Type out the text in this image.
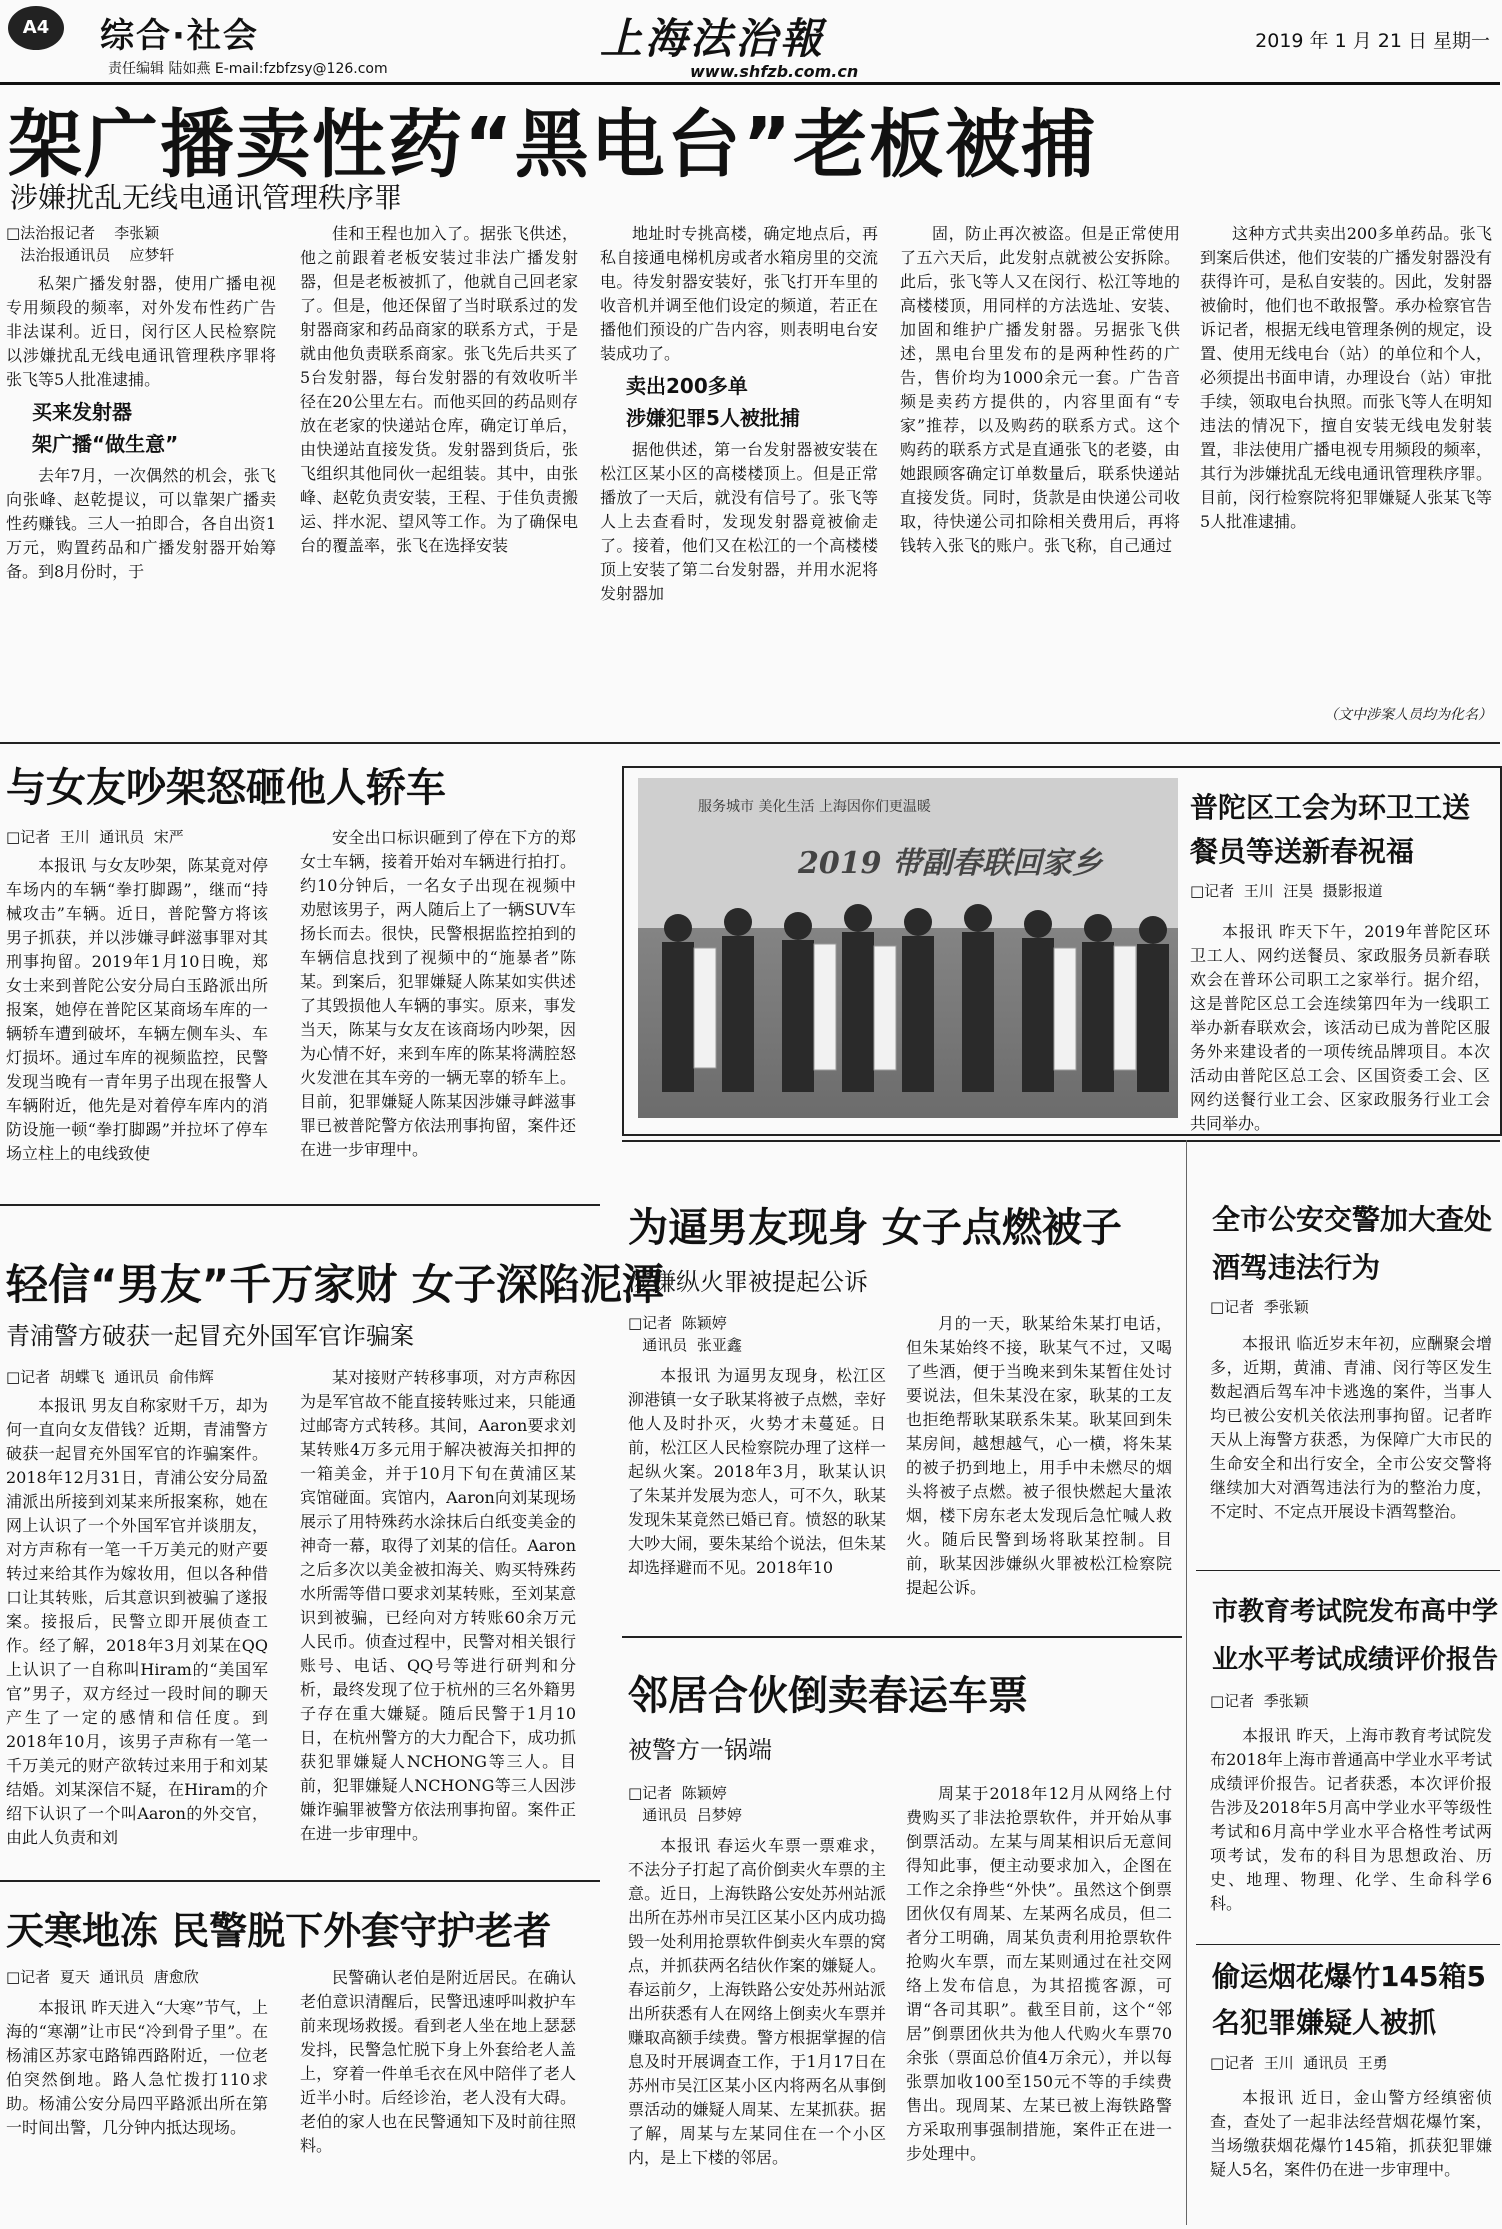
A4	综合·社会
责任编辑 陆如燕 E-mail:fzbfzsy@126.com
上海法治報
www.shfzb.com.cn
2019 年 1 月 21 日 星期一
架广播卖性药“黑电台”老板被捕
涉嫌扰乱无线电通讯管理秩序罪
□法治报记者    李张颖
法治报通讯员    应梦轩

私架广播发射器，使用广播电视专用频段的频率，对外发布性药广告非法谋利。近日，闵行区人民检察院以涉嫌扰乱无线电通讯管理秩序罪将张飞等5人批准逮捕。

买来发射器
架广播“做生意”

去年7月，一次偶然的机会，张飞向张峰、赵乾提议，可以靠架广播卖性药赚钱。三人一拍即合，各自出资1万元，购置药品和广播发射器开始筹备。到8月份时，于

佳和王程也加入了。据张飞供述，他之前跟着老板安装过非法广播发射器，但是老板被抓了，他就自己回老家了。但是，他还保留了当时联系过的发射器商家和药品商家的联系方式，于是就由他负责联系商家。张飞先后共买了5台发射器，每台发射器的有效收听半径在20公里左右。而他买回的药品则存放在老家的快递站仓库，确定订单后，由快递站直接发货。发射器到货后，张飞组织其他同伙一起组装。其中，由张峰、赵乾负责安装，王程、于佳负责搬运、拌水泥、望风等工作。为了确保电台的覆盖率，张飞在选择安装

地址时专挑高楼，确定地点后，再私自接通电梯机房或者水箱房里的交流电。待发射器安装好，张飞打开车里的收音机并调至他们设定的频道，若正在播他们预设的广告内容，则表明电台安装成功了。

卖出200多单
涉嫌犯罪5人被批捕

据他供述，第一台发射器被安装在松江区某小区的高楼楼顶上。但是正常播放了一天后，就没有信号了。张飞等人上去查看时，发现发射器竟被偷走了。接着，他们又在松江的一个高楼楼顶上安装了第二台发射器，并用水泥将发射器加

固，防止再次被盗。但是正常使用了五六天后，此发射点就被公安拆除。此后，张飞等人又在闵行、松江等地的高楼楼顶，用同样的方法选址、安装、加固和维护广播发射器。另据张飞供述，黑电台里发布的是两种性药的广告，售价均为1000余元一套。广告音频是卖药方提供的，内容里面有“专家”推荐，以及购药的联系方式。这个购药的联系方式是直通张飞的老婆，由她跟顾客确定订单数量后，联系快递站直接发货。同时，货款是由快递公司收取，待快递公司扣除相关费用后，再将钱转入张飞的账户。张飞称，自己通过

这种方式共卖出200多单药品。张飞到案后供述，他们安装的广播发射器没有获得许可，是私自安装的。因此，发射器被偷时，他们也不敢报警。承办检察官告诉记者，根据无线电管理条例的规定，设置、使用无线电台（站）的单位和个人，必须提出书面申请，办理设台（站）审批手续，领取电台执照。而张飞等人在明知违法的情况下，擅自安装无线电发射装置，非法使用广播电视专用频段的频率，其行为涉嫌扰乱无线电通讯管理秩序罪。目前，闵行检察院将犯罪嫌疑人张某飞等5人批准逮捕。

（文中涉案人员均为化名）
与女友吵架怒砸他人轿车
□记者  王川  通讯员  宋严

本报讯 与女友吵架，陈某竟对停车场内的车辆“拳打脚踢”，继而“持械攻击”车辆。近日，普陀警方将该男子抓获，并以涉嫌寻衅滋事罪对其刑事拘留。2019年1月10日晚，郑女士来到普陀公安分局白玉路派出所报案，她停在普陀区某商场车库的一辆轿车遭到破坏，车辆左侧车头、车灯损坏。通过车库的视频监控，民警发现当晚有一青年男子出现在报警人车辆附近，他先是对着停车库内的消防设施一顿“拳打脚踢”并拉坏了停车场立柱上的电线致使

安全出口标识砸到了停在下方的郑女士车辆，接着开始对车辆进行拍打。约10分钟后，一名女子出现在视频中劝慰该男子，两人随后上了一辆SUV车扬长而去。很快，民警根据监控拍到的车辆信息找到了视频中的“施暴者”陈某。到案后，犯罪嫌疑人陈某如实供述了其毁损他人车辆的事实。原来，事发当天，陈某与女友在该商场内吵架，因为心情不好，来到车库的陈某将满腔怒火发泄在其车旁的一辆无辜的轿车上。目前，犯罪嫌疑人陈某因涉嫌寻衅滋事罪已被普陀警方依法刑事拘留，案件还在进一步审理中。

服务城市 美化生活 上海因你们更温暖
2019 带副春联回家乡
普陀区工会为环卫工送餐员等送新春祝福
□记者  王川  汪昊  摄影报道

本报讯 昨天下午，2019年普陀区环卫工人、网约送餐员、家政服务员新春联欢会在普环公司职工之家举行。据介绍，这是普陀区总工会连续第四年为一线职工举办新春联欢会，该活动已成为普陀区服务外来建设者的一项传统品牌项目。本次活动由普陀区总工会、区国资委工会、区网约送餐行业工会、区家政服务行业工会共同举办。

轻信“男友”千万家财 女子深陷泥潭
青浦警方破获一起冒充外国军官诈骗案
□记者  胡蝶飞  通讯员  俞伟辉

本报讯 男友自称家财千万，却为何一直向女友借钱？近期，青浦警方破获一起冒充外国军官的诈骗案件。2018年12月31日，青浦公安分局盈浦派出所接到刘某来所报案称，她在网上认识了一个外国军官并谈朋友，对方声称有一笔一千万美元的财产要转过来给其作为嫁妆用，但以各种借口让其转账，后其意识到被骗了遂报案。接报后，民警立即开展侦查工作。经了解，2018年3月刘某在QQ上认识了一自称叫Hiram的“美国军官”男子，双方经过一段时间的聊天产生了一定的感情和信任度。到2018年10月，该男子声称有一笔一千万美元的财产欲转过来用于和刘某结婚。刘某深信不疑，在Hiram的介绍下认识了一个叫Aaron的外交官，由此人负责和刘

某对接财产转移事项，对方声称因为是军官故不能直接转账过来，只能通过邮寄方式转移。其间，Aaron要求刘某转账4万多元用于解决被海关扣押的一箱美金，并于10月下旬在黄浦区某宾馆碰面。宾馆内，Aaron向刘某现场展示了用特殊药水涂抹后白纸变美金的神奇一幕，取得了刘某的信任。Aaron之后多次以美金被扣海关、购买特殊药水所需等借口要求刘某转账，至刘某意识到被骗，已经向对方转账60余万元人民币。侦查过程中，民警对相关银行账号、电话、QQ号等进行研判和分析，最终发现了位于杭州的三名外籍男子存在重大嫌疑。随后民警于1月10日，在杭州警方的大力配合下，成功抓获犯罪嫌疑人NCHONG等三人。目前，犯罪嫌疑人NCHONG等三人因涉嫌诈骗罪被警方依法刑事拘留。案件正在进一步审理中。

为逼男友现身 女子点燃被子
涉嫌纵火罪被提起公诉
□记者  陈颖婷
通讯员  张亚鑫

本报讯 为逼男友现身，松江区泖港镇一女子耿某将被子点燃，幸好他人及时扑灭，火势才未蔓延。日前，松江区人民检察院办理了这样一起纵火案。2018年3月，耿某认识了朱某并发展为恋人，可不久，耿某发现朱某竟然已婚已育。愤怒的耿某大吵大闹，要朱某给个说法，但朱某却选择避而不见。2018年10

月的一天，耿某给朱某打电话，但朱某始终不接，耿某气不过，又喝了些酒，便于当晚来到朱某暂住处讨要说法，但朱某没在家，耿某的工友也拒绝帮耿某联系朱某。耿某回到朱某房间，越想越气，心一横，将朱某的被子扔到地上，用手中未燃尽的烟头将被子点燃。被子很快燃起大量浓烟，楼下房东老太发现后急忙喊人救火。随后民警到场将耿某控制。目前，耿某因涉嫌纵火罪被松江检察院提起公诉。

全市公安交警加大查处酒驾违法行为
□记者  季张颖

本报讯 临近岁末年初，应酬聚会增多，近期，黄浦、青浦、闵行等区发生数起酒后驾车冲卡逃逸的案件，当事人均已被公安机关依法刑事拘留。记者昨天从上海警方获悉，为保障广大市民的生命安全和出行安全，全市公安交警将继续加大对酒驾违法行为的整治力度，不定时、不定点开展设卡酒驾整治。

市教育考试院发布高中学业水平考试成绩评价报告
□记者  季张颖

本报讯 昨天，上海市教育考试院发布2018年上海市普通高中学业水平考试成绩评价报告。记者获悉，本次评价报告涉及2018年5月高中学业水平等级性考试和6月高中学业水平合格性考试两项考试，发布的科目为思想政治、历史、地理、物理、化学、生命科学6科。

偷运烟花爆竹145箱5名犯罪嫌疑人被抓
□记者  王川  通讯员  王勇

本报讯 近日，金山警方经缜密侦查，查处了一起非法经营烟花爆竹案，当场缴获烟花爆竹145箱，抓获犯罪嫌疑人5名，案件仍在进一步审理中。

邻居合伙倒卖春运车票
被警方一锅端
□记者  陈颖婷
通讯员  吕梦婷

本报讯 春运火车票一票难求，不法分子打起了高价倒卖火车票的主意。近日，上海铁路公安处苏州站派出所在苏州市吴江区某小区内成功捣毁一处利用抢票软件倒卖火车票的窝点，并抓获两名结伙作案的嫌疑人。春运前夕，上海铁路公安处苏州站派出所获悉有人在网络上倒卖火车票并赚取高额手续费。警方根据掌握的信息及时开展调查工作，于1月17日在苏州市吴江区某小区内将两名从事倒票活动的嫌疑人周某、左某抓获。据了解，周某与左某同住在一个小区内，是上下楼的邻居。

周某于2018年12月从网络上付费购买了非法抢票软件，并开始从事倒票活动。左某与周某相识后无意间得知此事，便主动要求加入，企图在工作之余挣些“外快”。虽然这个倒票团伙仅有周某、左某两名成员，但二者分工明确，周某负责利用抢票软件抢购火车票，而左某则通过在社交网络上发布信息，为其招揽客源，可谓“各司其职”。截至目前，这个“邻居”倒票团伙共为他人代购火车票70余张（票面总价值4万余元），并以每张票加收100至150元不等的手续费售出。现周某、左某已被上海铁路警方采取刑事强制措施，案件正在进一步处理中。

天寒地冻 民警脱下外套守护老者
□记者  夏天  通讯员  唐愈欣

本报讯 昨天进入“大寒”节气，上海的“寒潮”让市民“冷到骨子里”。在杨浦区苏家屯路锦西路附近，一位老伯突然倒地。路人急忙拨打110求助。杨浦公安分局四平路派出所在第一时间出警，几分钟内抵达现场。

民警确认老伯是附近居民。在确认老伯意识清醒后，民警迅速呼叫救护车前来现场救援。看到老人坐在地上瑟瑟发抖，民警急忙脱下身上外套给老人盖上，穿着一件单毛衣在风中陪伴了老人近半小时。后经诊治，老人没有大碍。老伯的家人也在民警通知下及时前往照料。
